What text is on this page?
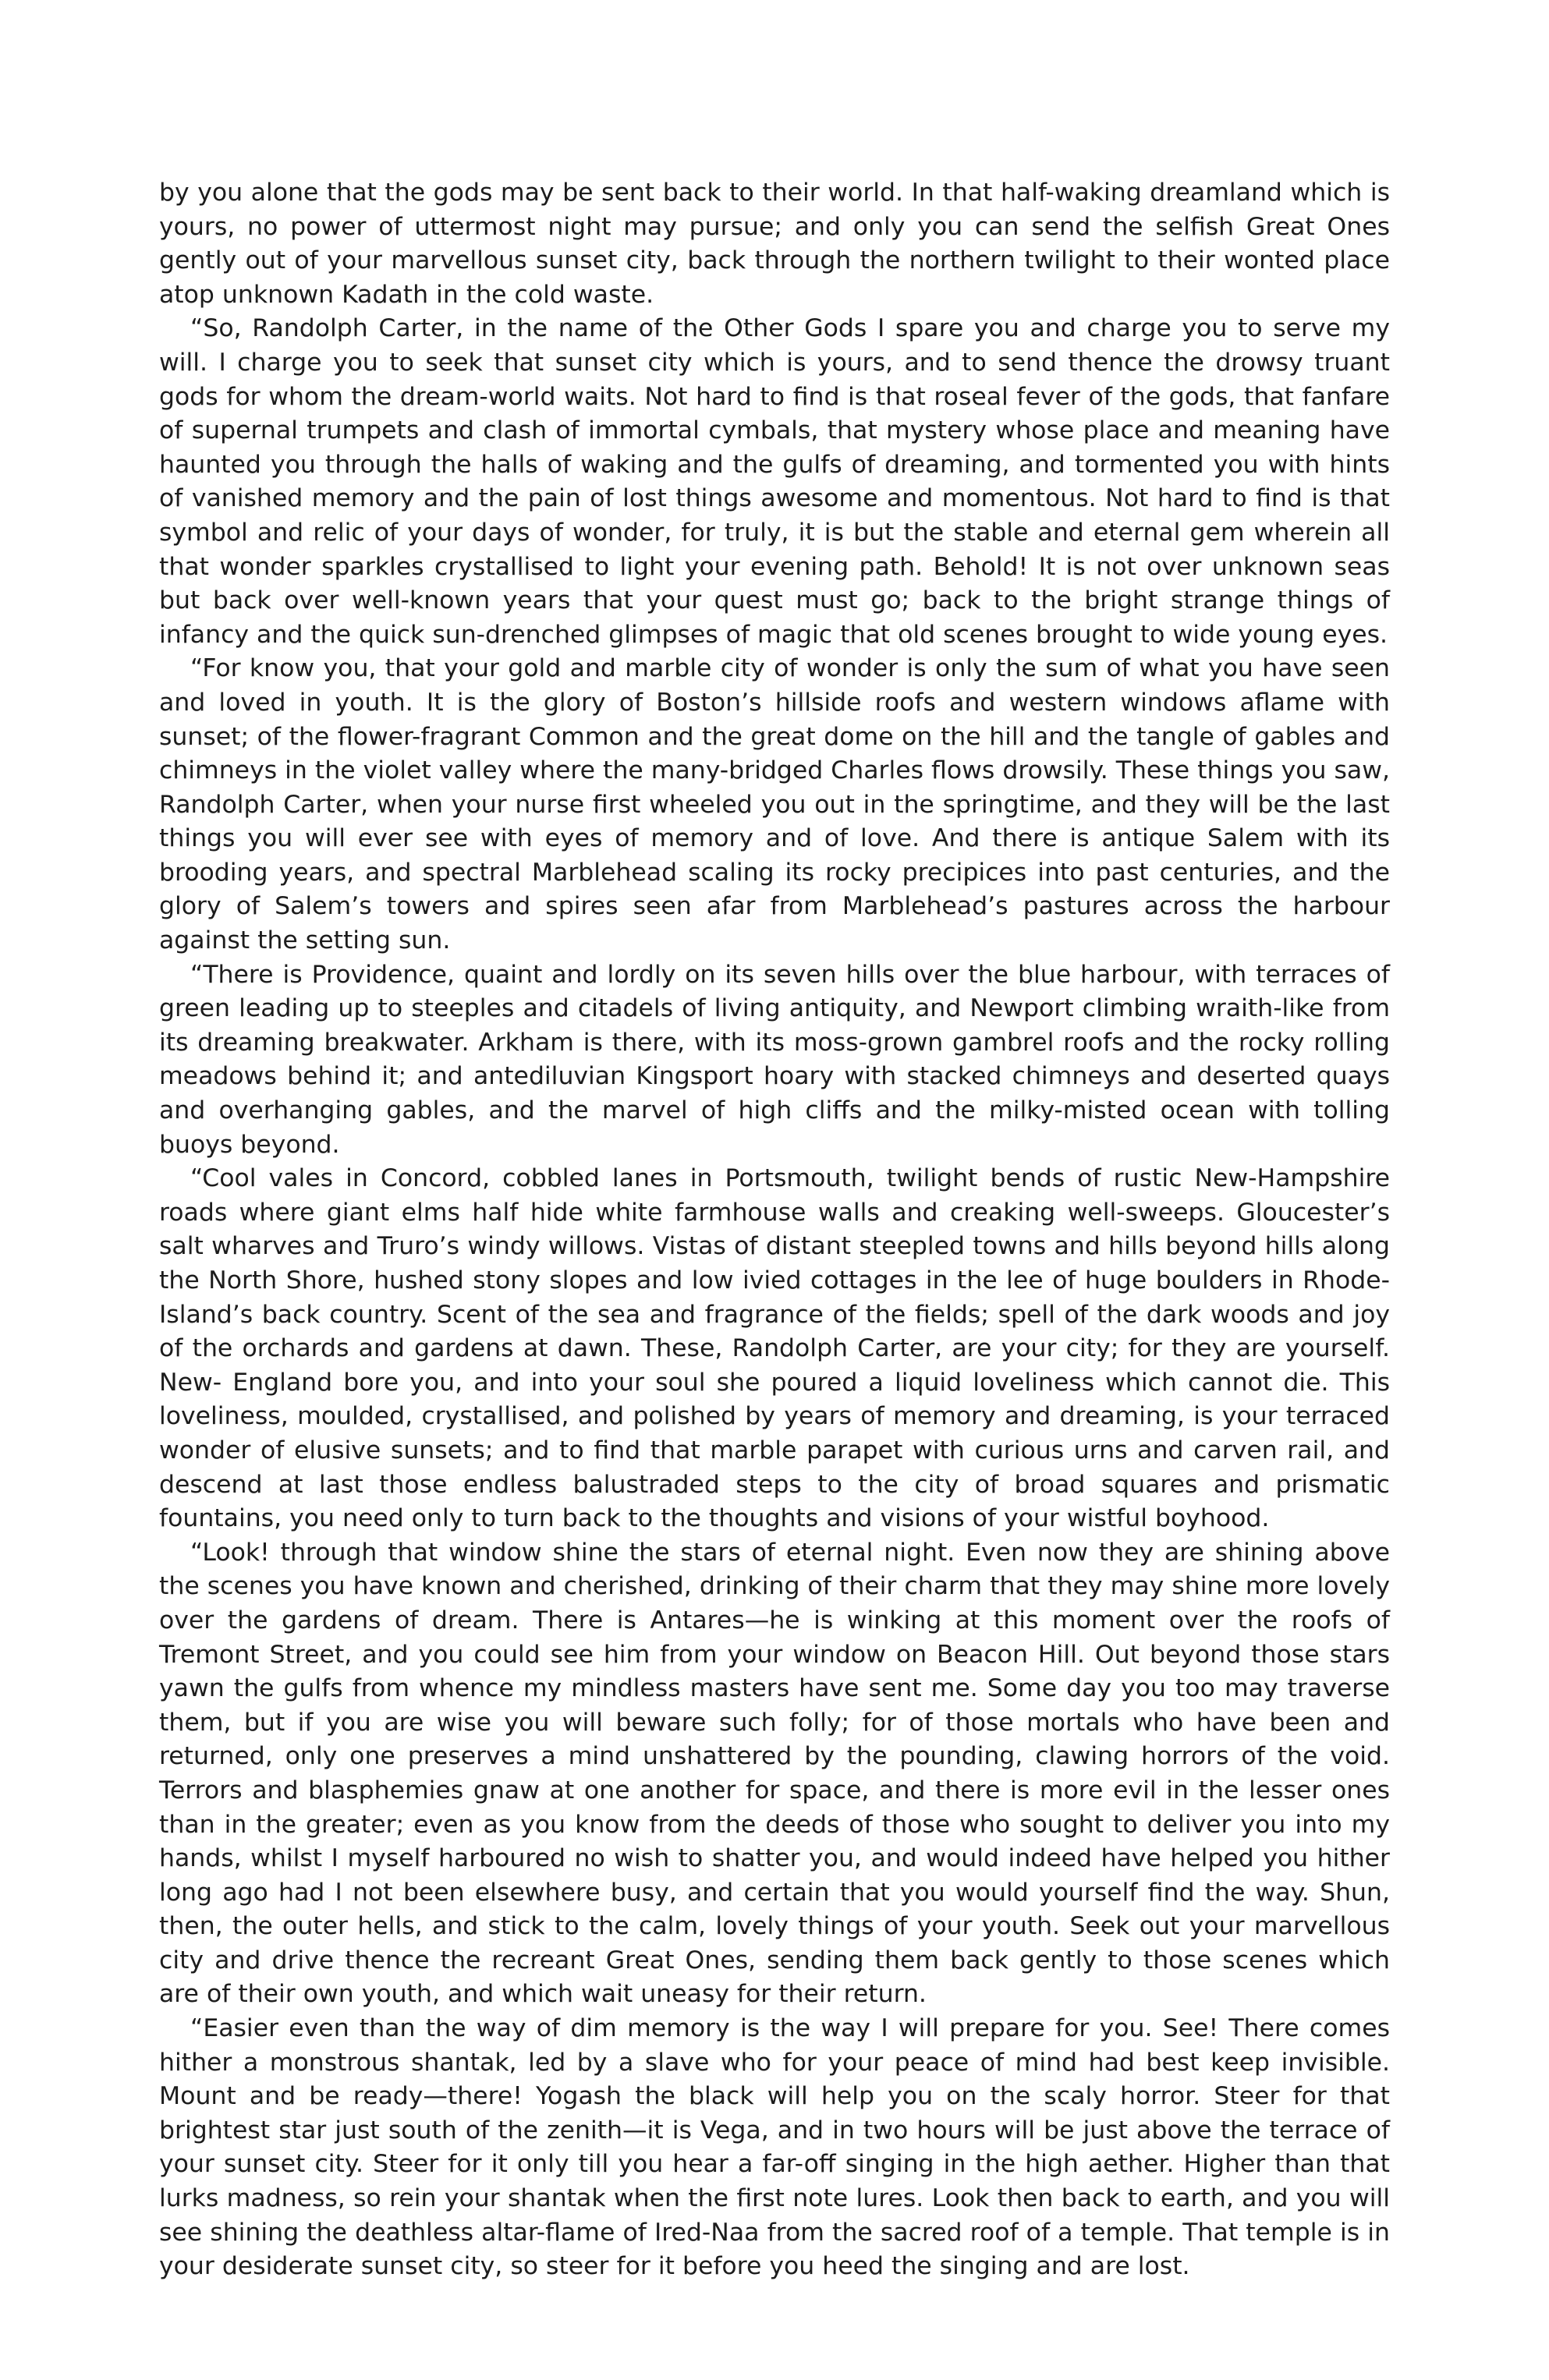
by you alone that the gods may be sent back to their world. In that half-waking dreamland which is yours, no power of uttermost night may pursue; and only you can send the selfish Great Ones gently out of your marvellous sunset city, back through the northern twilight to their wonted place atop unknown Kadath in the cold waste.

“So, Randolph Carter, in the name of the Other Gods I spare you and charge you to serve my will. I charge you to seek that sunset city which is yours, and to send thence the drowsy truant gods for whom the dream-world waits. Not hard to find is that roseal fever of the gods, that fanfare of supernal trumpets and clash of immortal cymbals, that mystery whose place and meaning have haunted you through the halls of waking and the gulfs of dreaming, and tormented you with hints of vanished memory and the pain of lost things awesome and momentous. Not hard to find is that symbol and relic of your days of wonder, for truly, it is but the stable and eternal gem wherein all that wonder sparkles crystallised to light your evening path. Behold! It is not over unknown seas but back over well-known years that your quest must go; back to the bright strange things of infancy and the quick sun-drenched glimpses of magic that old scenes brought to wide young eyes.

“For know you, that your gold and marble city of wonder is only the sum of what you have seen and loved in youth. It is the glory of Boston’s hillside roofs and western windows aflame with sunset; of the flower-fragrant Common and the great dome on the hill and the tangle of gables and chimneys in the violet valley where the many-bridged Charles flows drowsily. These things you saw, Randolph Carter, when your nurse first wheeled you out in the springtime, and they will be the last things you will ever see with eyes of memory and of love. And there is antique Salem with its brooding years, and spectral Marblehead scaling its rocky precipices into past centuries, and the glory of Salem’s towers and spires seen afar from Marblehead’s pastures across the harbour against the setting sun.

“There is Providence, quaint and lordly on its seven hills over the blue harbour, with terraces of green leading up to steeples and citadels of living antiquity, and Newport climbing wraith-like from its dreaming breakwater. Arkham is there, with its moss-grown gambrel roofs and the rocky rolling meadows behind it; and antediluvian Kingsport hoary with stacked chimneys and deserted quays and overhanging gables, and the marvel of high cliffs and the milky-misted ocean with tolling buoys beyond.

“Cool vales in Concord, cobbled lanes in Portsmouth, twilight bends of rustic New-Hampshire roads where giant elms half hide white farmhouse walls and creaking well-sweeps. Gloucester’s salt wharves and Truro’s windy willows. Vistas of distant steepled towns and hills beyond hills along the North Shore, hushed stony slopes and low ivied cottages in the lee of huge boulders in Rhode- Island’s back country. Scent of the sea and fragrance of the fields; spell of the dark woods and joy of the orchards and gardens at dawn. These, Randolph Carter, are your city; for they are yourself. New- England bore you, and into your soul she poured a liquid loveliness which cannot die. This loveliness, moulded, crystallised, and polished by years of memory and dreaming, is your terraced wonder of elusive sunsets; and to find that marble parapet with curious urns and carven rail, and descend at last those endless balustraded steps to the city of broad squares and prismatic fountains, you need only to turn back to the thoughts and visions of your wistful boyhood.

“Look! through that window shine the stars of eternal night. Even now they are shining above the scenes you have known and cherished, drinking of their charm that they may shine more lovely over the gardens of dream. There is Antares—he is winking at this moment over the roofs of Tremont Street, and you could see him from your window on Beacon Hill. Out beyond those stars yawn the gulfs from whence my mindless masters have sent me. Some day you too may traverse them, but if you are wise you will beware such folly; for of those mortals who have been and returned, only one preserves a mind unshattered by the pounding, clawing horrors of the void. Terrors and blasphemies gnaw at one another for space, and there is more evil in the lesser ones than in the greater; even as you know from the deeds of those who sought to deliver you into my hands, whilst I myself harboured no wish to shatter you, and would indeed have helped you hither long ago had I not been elsewhere busy, and certain that you would yourself find the way. Shun, then, the outer hells, and stick to the calm, lovely things of your youth. Seek out your marvellous city and drive thence the recreant Great Ones, sending them back gently to those scenes which are of their own youth, and which wait uneasy for their return.

“Easier even than the way of dim memory is the way I will prepare for you. See! There comes hither a monstrous shantak, led by a slave who for your peace of mind had best keep invisible. Mount and be ready—there! Yogash the black will help you on the scaly horror. Steer for that brightest star just south of the zenith—it is Vega, and in two hours will be just above the terrace of your sunset city. Steer for it only till you hear a far-off singing in the high aether. Higher than that lurks madness, so rein your shantak when the first note lures. Look then back to earth, and you will see shining the deathless altar-flame of Ired-Naa from the sacred roof of a temple. That temple is in your desiderate sunset city, so steer for it before you heed the singing and are lost.
